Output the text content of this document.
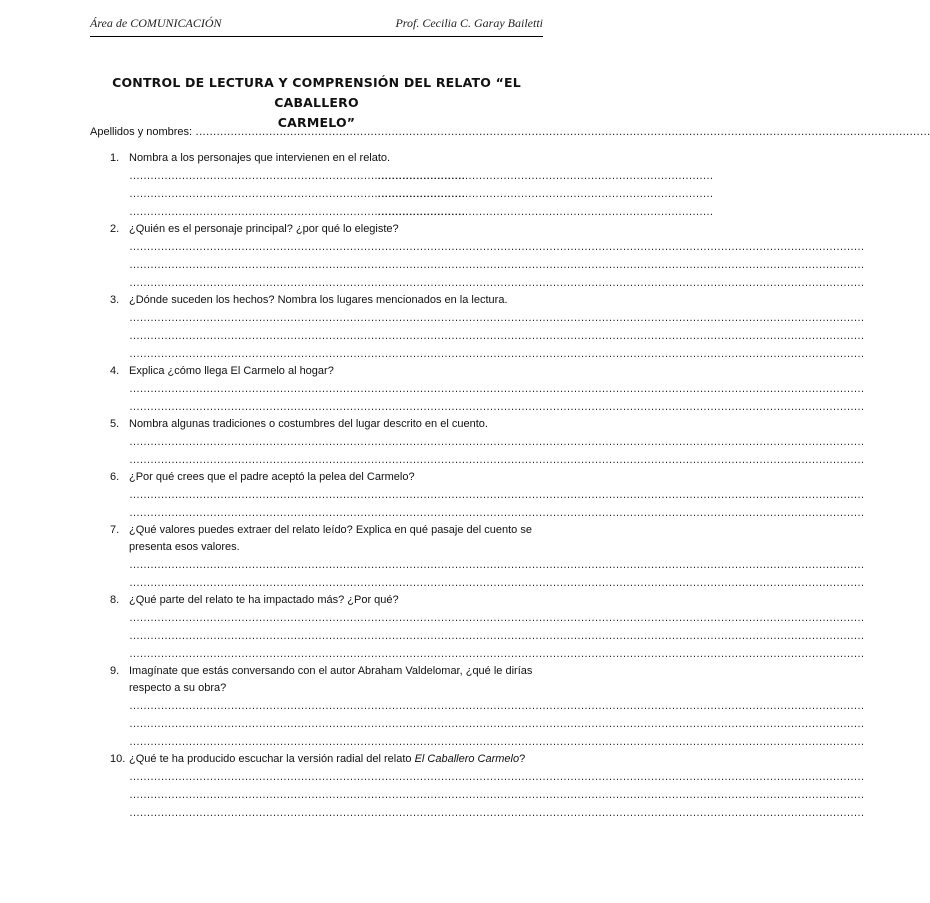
Área de COMUNICACIÓN	Prof. Cecilia C. Garay Bailetti
CONTROL DE LECTURA Y COMPRENSIÓN DEL RELATO “EL CABALLERO
CARMELO”
Apellidos y nombres: …………………………………………………………………………………………………………………………………………………………………………………………
1. Nombra a los personajes que intervienen en el relato.
……………………………………………………………………………………
……………………………………………………………………………………
……………………………………………………………………………………
……………………………………………………………………………………
……………………………………………………………………………………
……………………………………………………………………………………
2. ¿Quién es el personaje principal? ¿por qué lo elegiste?
…………………………………………………………………………………………………………………………………………………………………………………………
…………………………………………………………………………………………………………………………………………………………………………………………
…………………………………………………………………………………………………………………………………………………………………………………………
3. ¿Dónde suceden los hechos? Nombra los lugares mencionados en la lectura.
…………………………………………………………………………………………………………………………………………………………………………………………
…………………………………………………………………………………………………………………………………………………………………………………………
…………………………………………………………………………………………………………………………………………………………………………………………
4. Explica ¿cómo llega El Carmelo al hogar?
…………………………………………………………………………………………………………………………………………………………………………………………
…………………………………………………………………………………………………………………………………………………………………………………………
5. Nombra algunas tradiciones o costumbres del lugar descrito en el cuento.
…………………………………………………………………………………………………………………………………………………………………………………………
…………………………………………………………………………………………………………………………………………………………………………………………
6. ¿Por qué crees que el padre aceptó la pelea del Carmelo?
…………………………………………………………………………………………………………………………………………………………………………………………
…………………………………………………………………………………………………………………………………………………………………………………………
7. ¿Qué valores puedes extraer del relato leído? Explica en qué pasaje del cuento se presenta esos valores.
…………………………………………………………………………………………………………………………………………………………………………………………
…………………………………………………………………………………………………………………………………………………………………………………………
8. ¿Qué parte del relato te ha impactado más? ¿Por qué?
…………………………………………………………………………………………………………………………………………………………………………………………
…………………………………………………………………………………………………………………………………………………………………………………………
…………………………………………………………………………………………………………………………………………………………………………………………
9. Imagínate que estás conversando con el autor Abraham Valdelomar, ¿qué le dirías respecto a su obra?
…………………………………………………………………………………………………………………………………………………………………………………………
…………………………………………………………………………………………………………………………………………………………………………………………
…………………………………………………………………………………………………………………………………………………………………………………………
10. ¿Qué te ha producido escuchar la versión radial del relato El Caballero Carmelo?
…………………………………………………………………………………………………………………………………………………………………………………………
…………………………………………………………………………………………………………………………………………………………………………………………
…………………………………………………………………………………………………………………………………………………………………………………………
